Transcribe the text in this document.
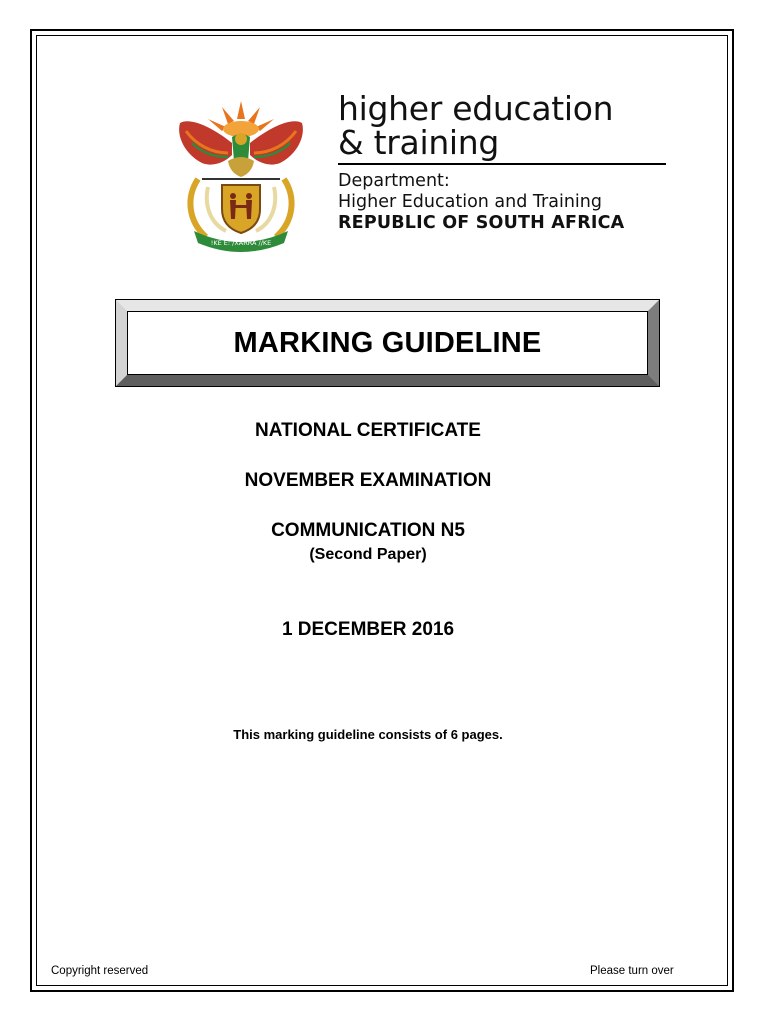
!KE E: /XARRA //KE
higher education
& training
Department:
Higher Education and Training
REPUBLIC OF SOUTH AFRICA
MARKING GUIDELINE
NATIONAL CERTIFICATE
NOVEMBER EXAMINATION
COMMUNICATION N5
(Second Paper)
1 DECEMBER 2016
This marking guideline consists of 6 pages.
Copyright reserved	Please turn over
